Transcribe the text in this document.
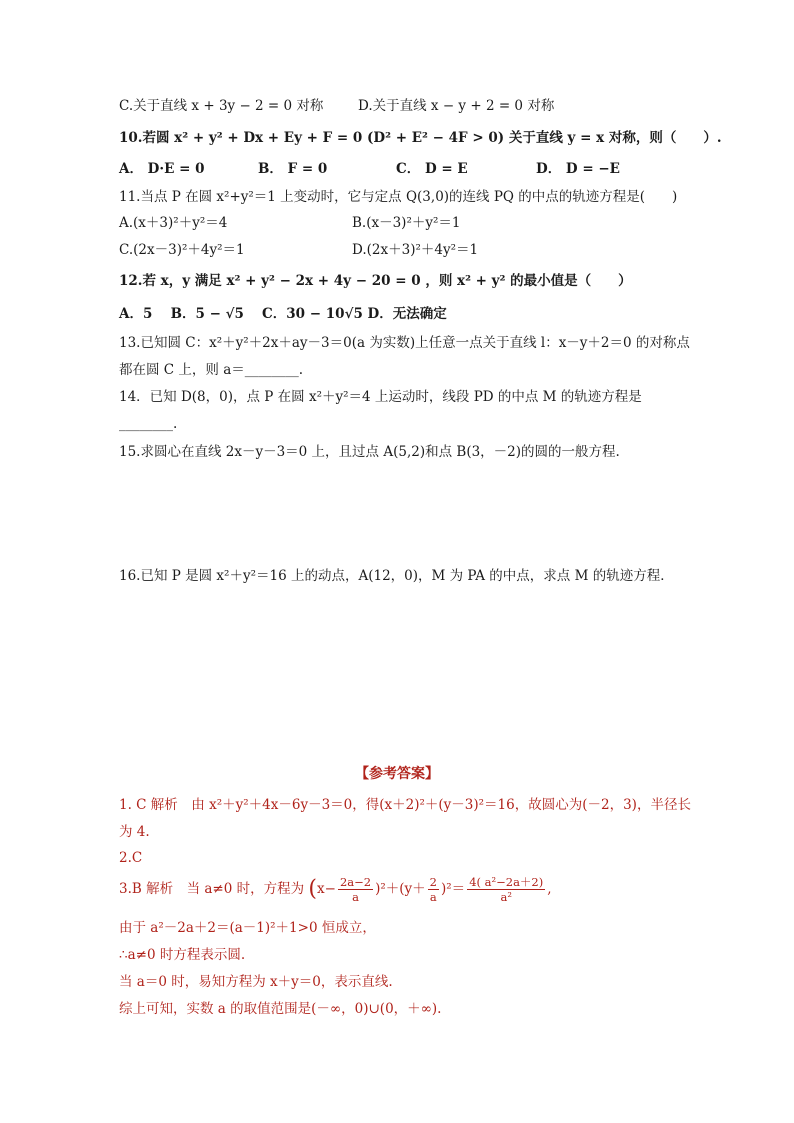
C.关于直线 x + 3y − 2 = 0 对称	D.关于直线 x − y + 2 = 0 对称
10.若圆 x² + y² + Dx + Ey + F = 0 (D² + E² − 4F > 0) 关于直线 y = x 对称，则（　　）.
A． D·E = 0	B． F = 0	C． D = E	D． D = −E
11.当点 P 在圆 x²+y²＝1 上变动时，它与定点 Q(3,0)的连线 PQ 的中点的轨迹方程是(　　)
A.(x＋3)²＋y²＝4	B.(x－3)²＋y²＝1
C.(2x－3)²＋4y²＝1	D.(2x＋3)²＋4y²＝1
12.若 x，y 满足 x² + y² − 2x + 4y − 20 = 0 ，则 x² + y² 的最小值是（　　）
A．5　 B．5 − √5　 C．30 − 10√5 D．无法确定
13.已知圆 C：x²＋y²＋2x＋ay－3＝0(a 为实数)上任意一点关于直线 l：x－y＋2＝0 的对称点
都在圆 C 上，则 a＝________.
14．已知 D(8，0)，点 P 在圆 x²＋y²＝4 上运动时，线段 PD 的中点 M 的轨迹方程是
________.
15.求圆心在直线 2x－y－3＝0 上，且过点 A(5,2)和点 B(3，－2)的圆的一般方程.
16.已知 P 是圆 x²＋y²＝16 上的动点，A(12，0)，M 为 PA 的中点，求点 M 的轨迹方程．
【参考答案】
1. C 解析　由 x²＋y²＋4x－6y－3＝0，得(x＋2)²＋(y－3)²＝16，故圆心为(－2，3)，半径长
为 4.
2.C
3.B 解析　当 a≠0 时，方程为 $(x- \frac{2a-2}{a} )^2+(y+ \frac{2}{a} )^2= \frac{\text{4( a²−2a＋2)}}{\text{a²}}$ ,
由于 a²－2a＋2＝(a－1)²＋1>0 恒成立，
∴a≠0 时方程表示圆.
当 a＝0 时，易知方程为 x＋y＝0，表示直线.
综上可知，实数 a 的取值范围是(－∞，0)∪(0，＋∞).
